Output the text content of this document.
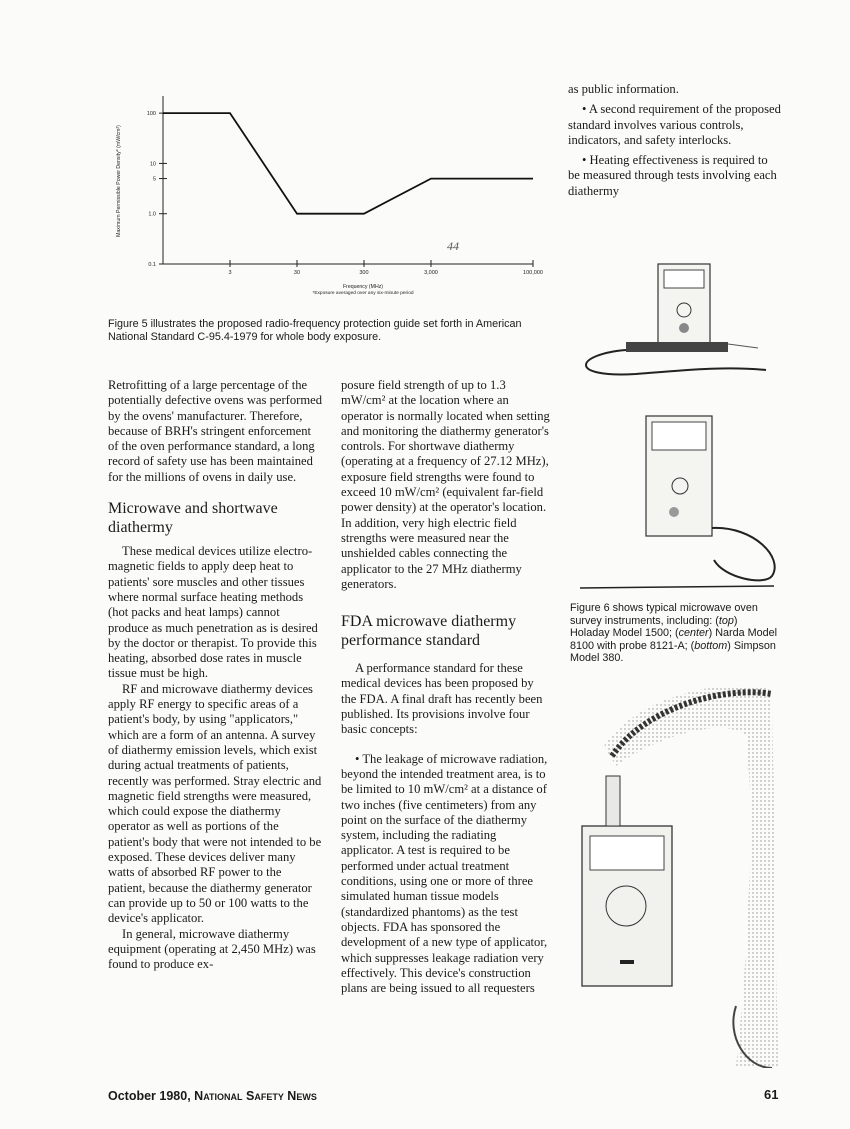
100
10
5
1.0
0.1
3	30	300	3,000	100,000
Frequency (MHz)
*Exposure averaged over any six-minute period
Maximum Permissible Power Density* (mW/cm²)
44
Figure 5 illustrates the proposed radio-frequency protection guide set forth in American National Standard C-95.4-1979 for whole body exposure.

Retrofitting of a large percentage of the potentially defective ovens was performed by the ovens' manufacturer. Therefore, because of BRH's stringent enforcement of the oven performance standard, a long record of safety use has been maintained for the millions of ovens in daily use.

Microwave and shortwave diathermy

These medical devices utilize electro-magnetic fields to apply deep heat to patients' sore muscles and other tissues where normal surface heating methods (hot packs and heat lamps) cannot produce as much penetration as is desired by the doctor or therapist. To provide this heating, absorbed dose rates in muscle tissue must be high.

RF and microwave diathermy devices apply RF energy to specific areas of a patient's body, by using "applicators," which are a form of an antenna. A survey of diathermy emission levels, which exist during actual treatments of patients, recently was performed. Stray electric and magnetic field strengths were measured, which could expose the diathermy operator as well as portions of the patient's body that were not intended to be exposed. These devices deliver many watts of absorbed RF power to the patient, because the diathermy generator can provide up to 50 or 100 watts to the device's applicator.

In general, microwave diathermy equipment (operating at 2,450 MHz) was found to produce ex-

posure field strength of up to 1.3 mW/cm² at the location where an operator is normally located when setting and monitoring the diathermy generator's controls. For shortwave diathermy (operating at a frequency of 27.12 MHz), exposure field strengths were found to exceed 10 mW/cm² (equivalent far-field power density) at the operator's location. In addition, very high electric field strengths were measured near the unshielded cables connecting the applicator to the 27 MHz diathermy generators.

FDA microwave diathermy performance standard

A performance standard for these medical devices has been proposed by the FDA. A final draft has recently been published. Its provisions involve four basic concepts:

• The leakage of microwave radiation, beyond the intended treatment area, is to be limited to 10 mW/cm² at a distance of two inches (five centimeters) from any point on the surface of the diathermy system, including the radiating applicator. A test is required to be performed under actual treatment conditions, using one or more of three simulated human tissue models (standardized phantoms) as the test objects. FDA has sponsored the development of a new type of applicator, which suppresses leakage radiation very effectively. This device's construction plans are being issued to all requesters

as public information.

• A second requirement of the proposed standard involves various controls, indicators, and safety interlocks.

• Heating effectiveness is required to be measured through tests involving each diathermy

Figure 6 shows typical microwave oven survey instruments, including: (top) Holaday Model 1500; (center) Narda Model 8100 with probe 8121-A; (bottom) Simpson Model 380.
October 1980, National Safety News	61
